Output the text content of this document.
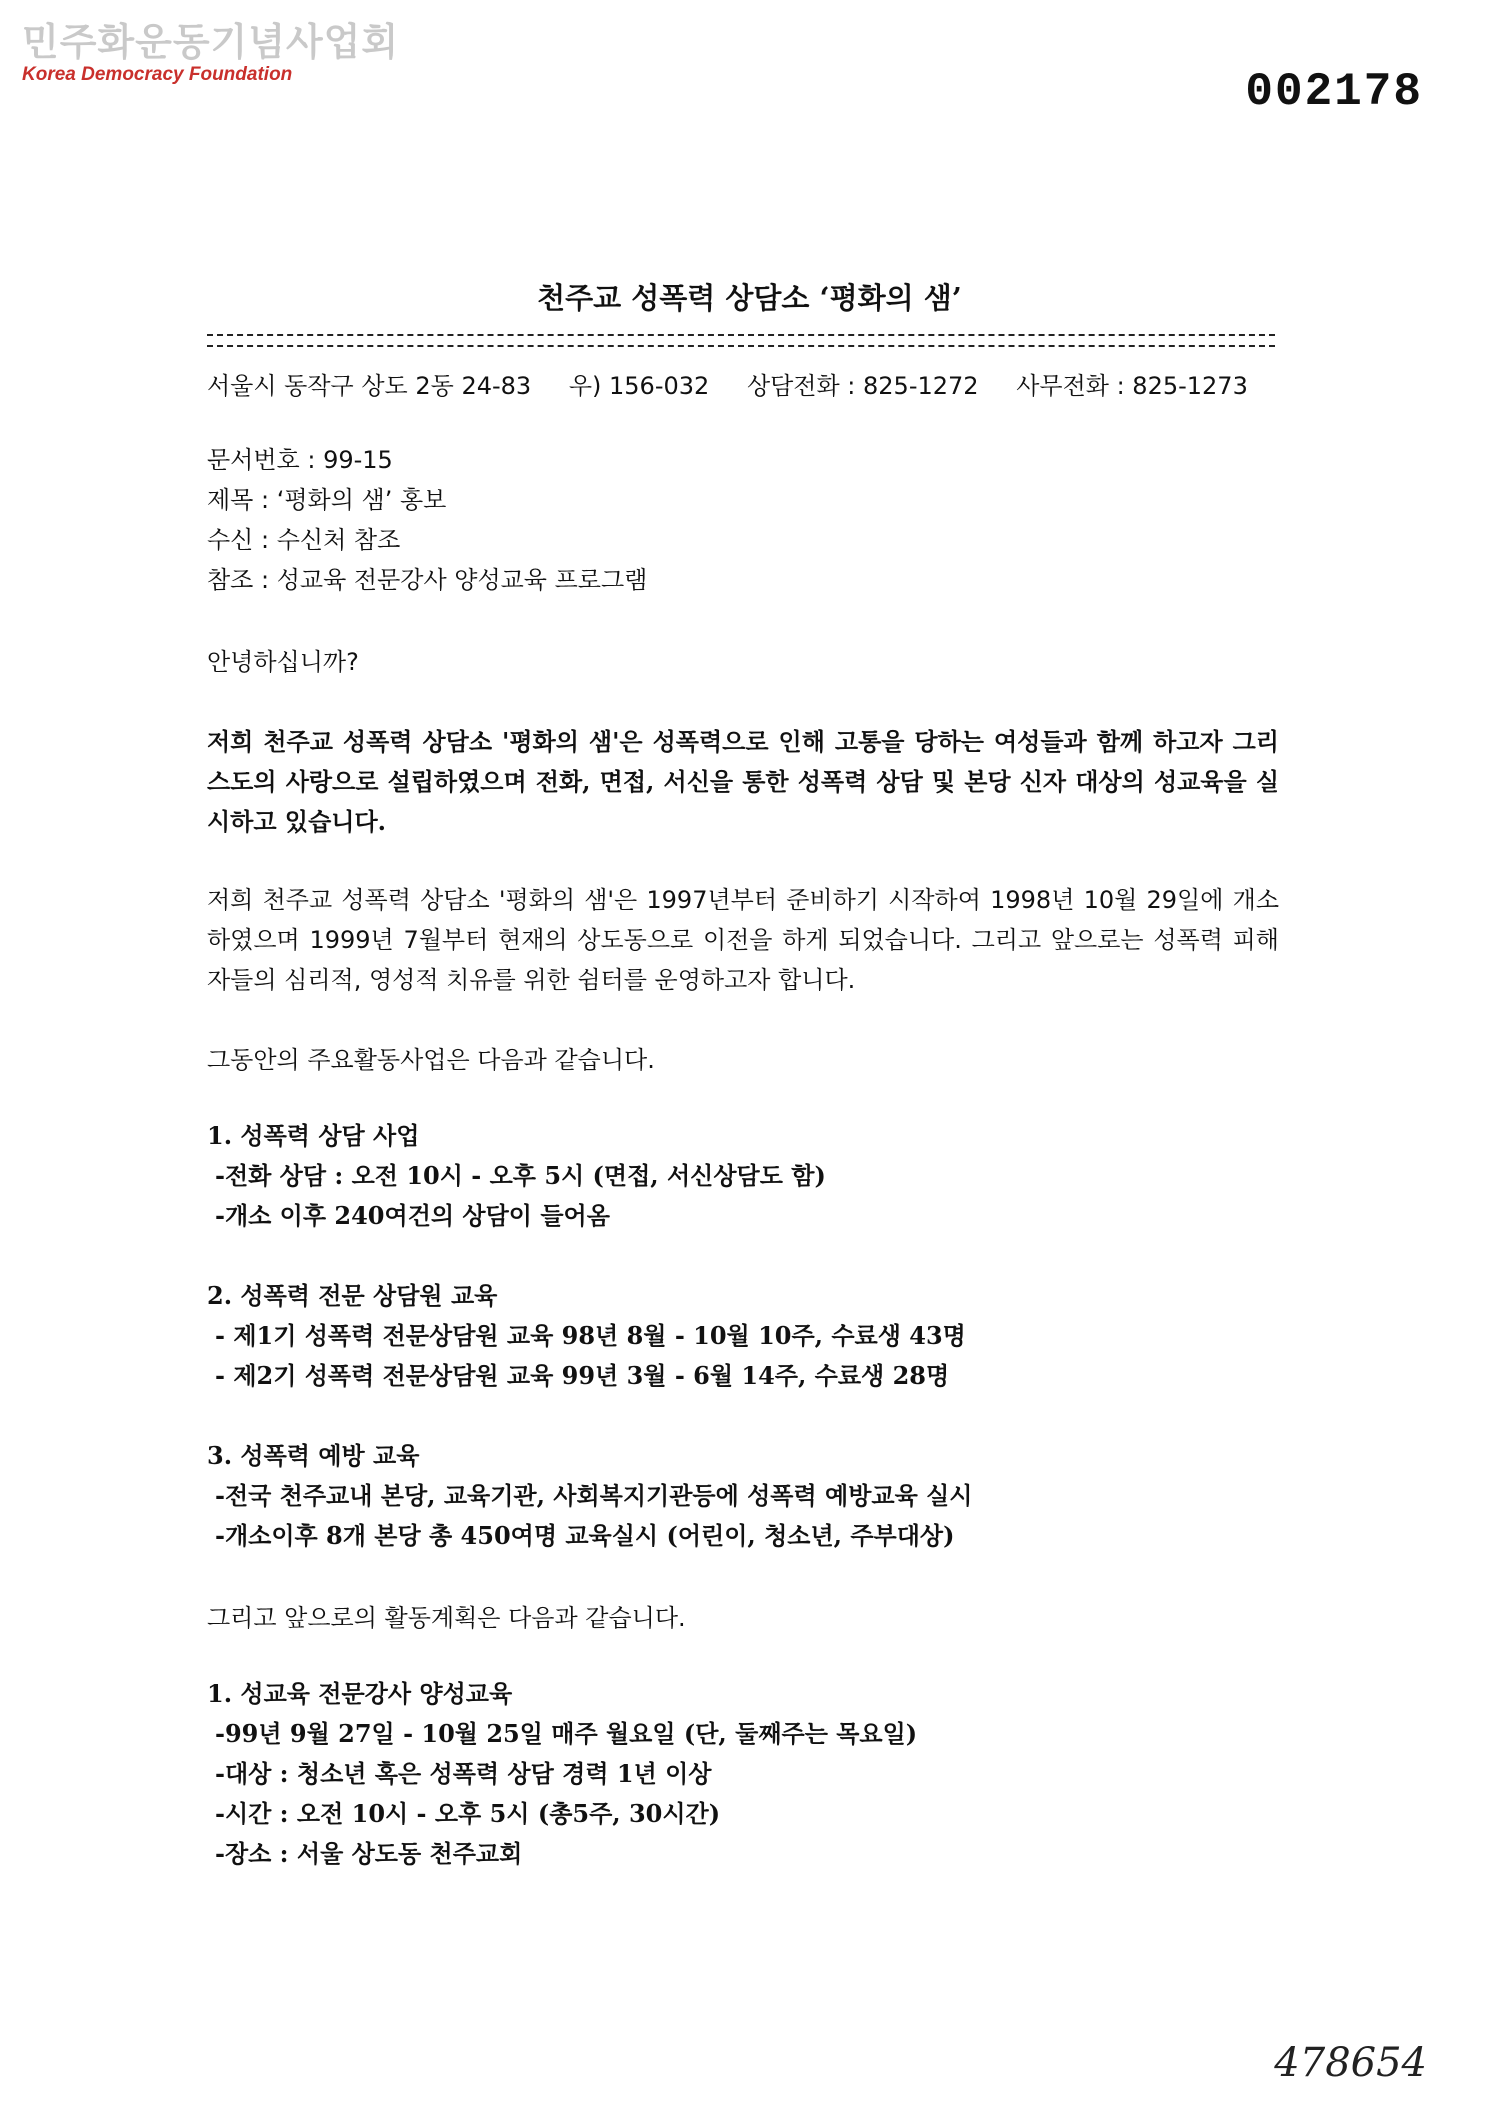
민주화운동기념사업회
Korea Democracy Foundation	002178
천주교 성폭력 상담소 ‘평화의 샘’
서울시 동작구 상도 2동 24-83 우) 156-032 상담전화 : 825-1272 사무전화 : 825-1273
문서번호 : 99-15
제목 : ‘평화의 샘’ 홍보
수신 : 수신처 참조
참조 : 성교육 전문강사 양성교육 프로그램
안녕하십니까?
저희 천주교 성폭력 상담소 '평화의 샘'은 성폭력으로 인해 고통을 당하는 여성들과 함께 하고자 그리스도의 사랑으로 설립하였으며 전화, 면접, 서신을 통한 성폭력 상담 및 본당 신자 대상의 성교육을 실시하고 있습니다.
저희 천주교 성폭력 상담소 '평화의 샘'은 1997년부터 준비하기 시작하여 1998년 10월 29일에 개소하였으며 1999년 7월부터 현재의 상도동으로 이전을 하게 되었습니다. 그리고 앞으로는 성폭력 피해자들의 심리적, 영성적 치유를 위한 쉼터를 운영하고자 합니다.
그동안의 주요활동사업은 다음과 같습니다.
1. 성폭력 상담 사업
-전화 상담 : 오전 10시 - 오후 5시 (면접, 서신상담도 함)
-개소 이후 240여건의 상담이 들어옴
2. 성폭력 전문 상담원 교육
- 제1기 성폭력 전문상담원 교육 98년 8월 - 10월 10주, 수료생 43명
- 제2기 성폭력 전문상담원 교육 99년 3월 - 6월 14주, 수료생 28명
3. 성폭력 예방 교육
-전국 천주교내 본당, 교육기관, 사회복지기관등에 성폭력 예방교육 실시
-개소이후 8개 본당 총 450여명 교육실시 (어린이, 청소년, 주부대상)
그리고 앞으로의 활동계획은 다음과 같습니다.
1. 성교육 전문강사 양성교육
-99년 9월 27일 - 10월 25일 매주 월요일 (단, 둘째주는 목요일)
-대상 : 청소년 혹은 성폭력 상담 경력 1년 이상
-시간 : 오전 10시 - 오후 5시 (총5주, 30시간)
-장소 : 서울 상도동 천주교회
478654
